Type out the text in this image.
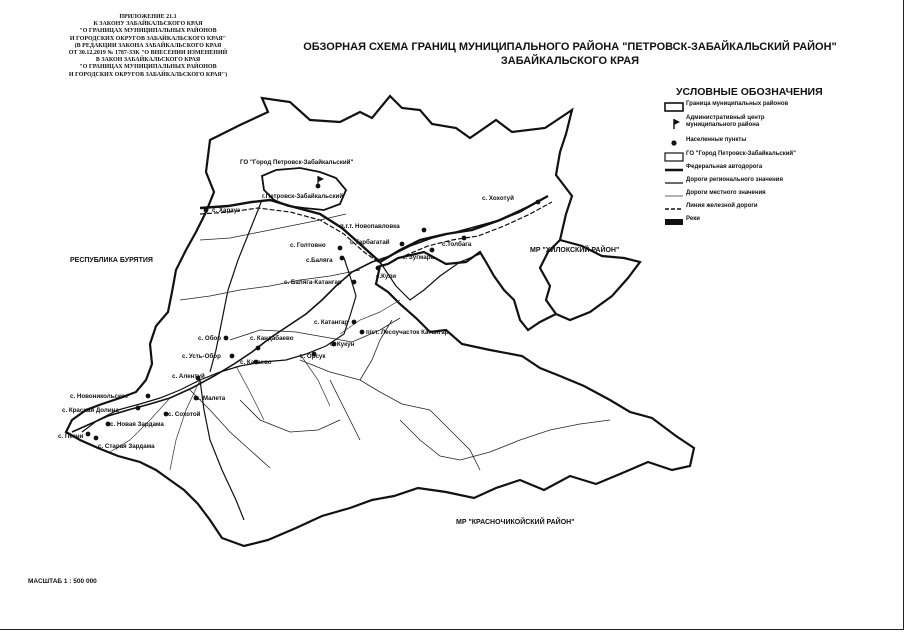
ПРИЛОЖЕНИЕ 21.1
К ЗАКОНУ ЗАБАЙКАЛЬСКОГО КРАЯ
"О ГРАНИЦАХ МУНИЦИПАЛЬНЫХ РАЙОНОВ
И ГОРОДСКИХ ОКРУГОВ ЗАБАЙКАЛЬСКОГО КРАЯ"
(В РЕДАКЦИИ ЗАКОНА ЗАБАЙКАЛЬСКОГО КРАЯ
ОТ 30.12.2019 № 1787-ЗЗК "О ВНЕСЕНИИ ИЗМЕНЕНИЙ
В ЗАКОН ЗАБАЙКАЛЬСКОГО КРАЯ
"О ГРАНИЦАХ МУНИЦИПАЛЬНЫХ РАЙОНОВ
И ГОРОДСКИХ ОКРУГОВ ЗАБАЙКАЛЬСКОГО КРАЯ")
ОБЗОРНАЯ СХЕМА ГРАНИЦ МУНИЦИПАЛЬНОГО РАЙОНА "ПЕТРОВСК-ЗАБАЙКАЛЬСКИЙ РАЙОН"
ЗАБАЙКАЛЬСКОГО КРАЯ
ГО "Город Петровск-Забайкальский"
г.Петровск-Забайкальский
РЕСПУБЛИКА БУРЯТИЯ
МР "ХИЛОКСКИЙ РАЙОН"
МР "КРАСНОЧИКОЙСКИЙ РАЙОН"
с. Харауз
с. Хохотуй
с. Голтовно
п.г.т. Новопавловка
с.Тарбагатай	с.Толбага
с. Зугмара
с.Баляга
с.Кули
с. Баляга-Катангар
с. Катангар
п/ст. Лесоучасток Катангар
с. Обор	с. Кандабаево
с. Кукун
с. Усть-Обор
с. Катаево
с. Орсук
с. Алентуй
с. Новоникольское	с. Малета
с. Красная Долина
с. Сохотой
с. Новая Зардама
с. Песчи
с. Старая Зардама
УСЛОВНЫЕ ОБОЗНАЧЕНИЯ
Граница муниципальных районов
Административный центр муниципального района
Населенные пункты
ГО "Город Петровск-Забайкальский"
Федеральная автодорога
Дороги регионального значения
Дороги местного значения
Линия железной дороги
Реки
МАСШТАБ 1 : 500 000
